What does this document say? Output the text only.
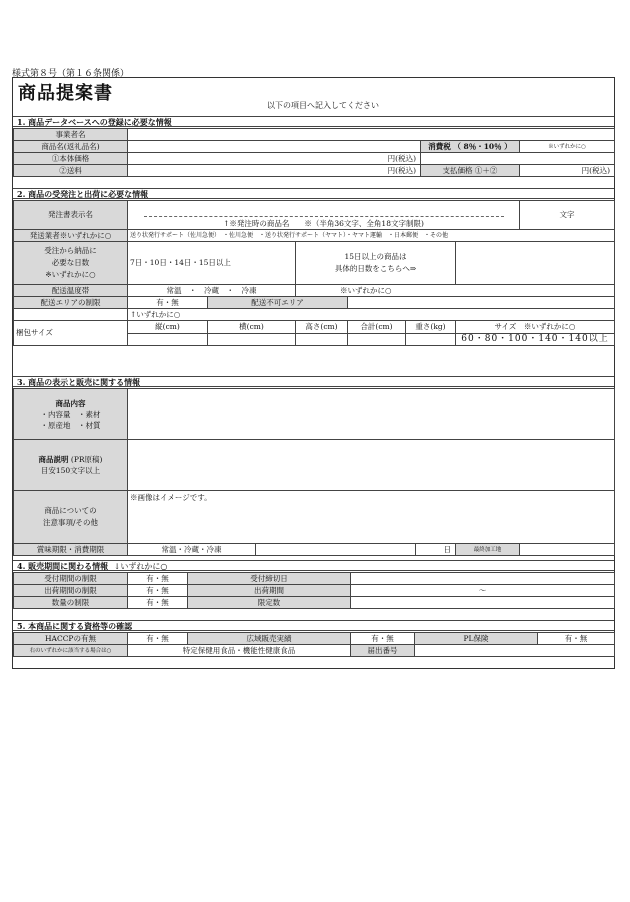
様式第８号（第１６条関係）
商品提案書
以下の項目へ記入してください
1. 商品データベースへの登録に必要な情報
事業者名			
商品名(返礼品名)		消費税 （ 8％・10％ ）	※いずれかに○
①本体価格	円(税込)		
②送料	円(税込)	支払価格 ①＋②	円(税込)
2. 商品の受発注と出荷に必要な情報
発注書表示名	↑※発注時の商品名　　※（半角36文字、全角18文字制限)						文字
発送業者※いずれかに○	送り状発行サポート（佐川急便）　・佐川急便　・送り状発行サポート（ヤマト）・ヤマト運輸　・日本郵便　・その他						
受注から納品に
必要な日数
※いずれかに○	7日・10日・14日・15日以上		15日以上の商品は
具体的日数をこちらへ⇒				
配送温度帯	常温　・　冷蔵　・　冷凍		※いずれかに○				
配送エリアの制限	有・無	配送不可エリア					
	↑いずれかに○						
梱包サイズ	縦(cm)	横(cm)	高さ(cm)	合計(cm)	重さ(kg)	サイズ　※いずれかに○	
						60・80・100・140・140以上	
3. 商品の表示と販売に関する情報
商品内容
・内容量　・素材
・原産地　・材質					
商品説明 (PR原稿)
目安150文字以上					
商品についての
注意事項/その他	※画像はイメージです。				
賞味期限・消費期限	常温・冷蔵・冷凍		日	最終加工地	
4. 販売期間に関わる情報 ↓いずれかに○
受付期間の制限	有・無	受付締切日	
出荷期間の制限	有・無	出荷期間	〜
数量の制限	有・無	限定数	
5. 本商品に関する資格等の確認
HACCPの有無	有・無	広域販売実績	有・無	PL保険	有・無
右のいずれかに該当する場合は○	特定保健用食品・機能性健康食品		届出番号		
